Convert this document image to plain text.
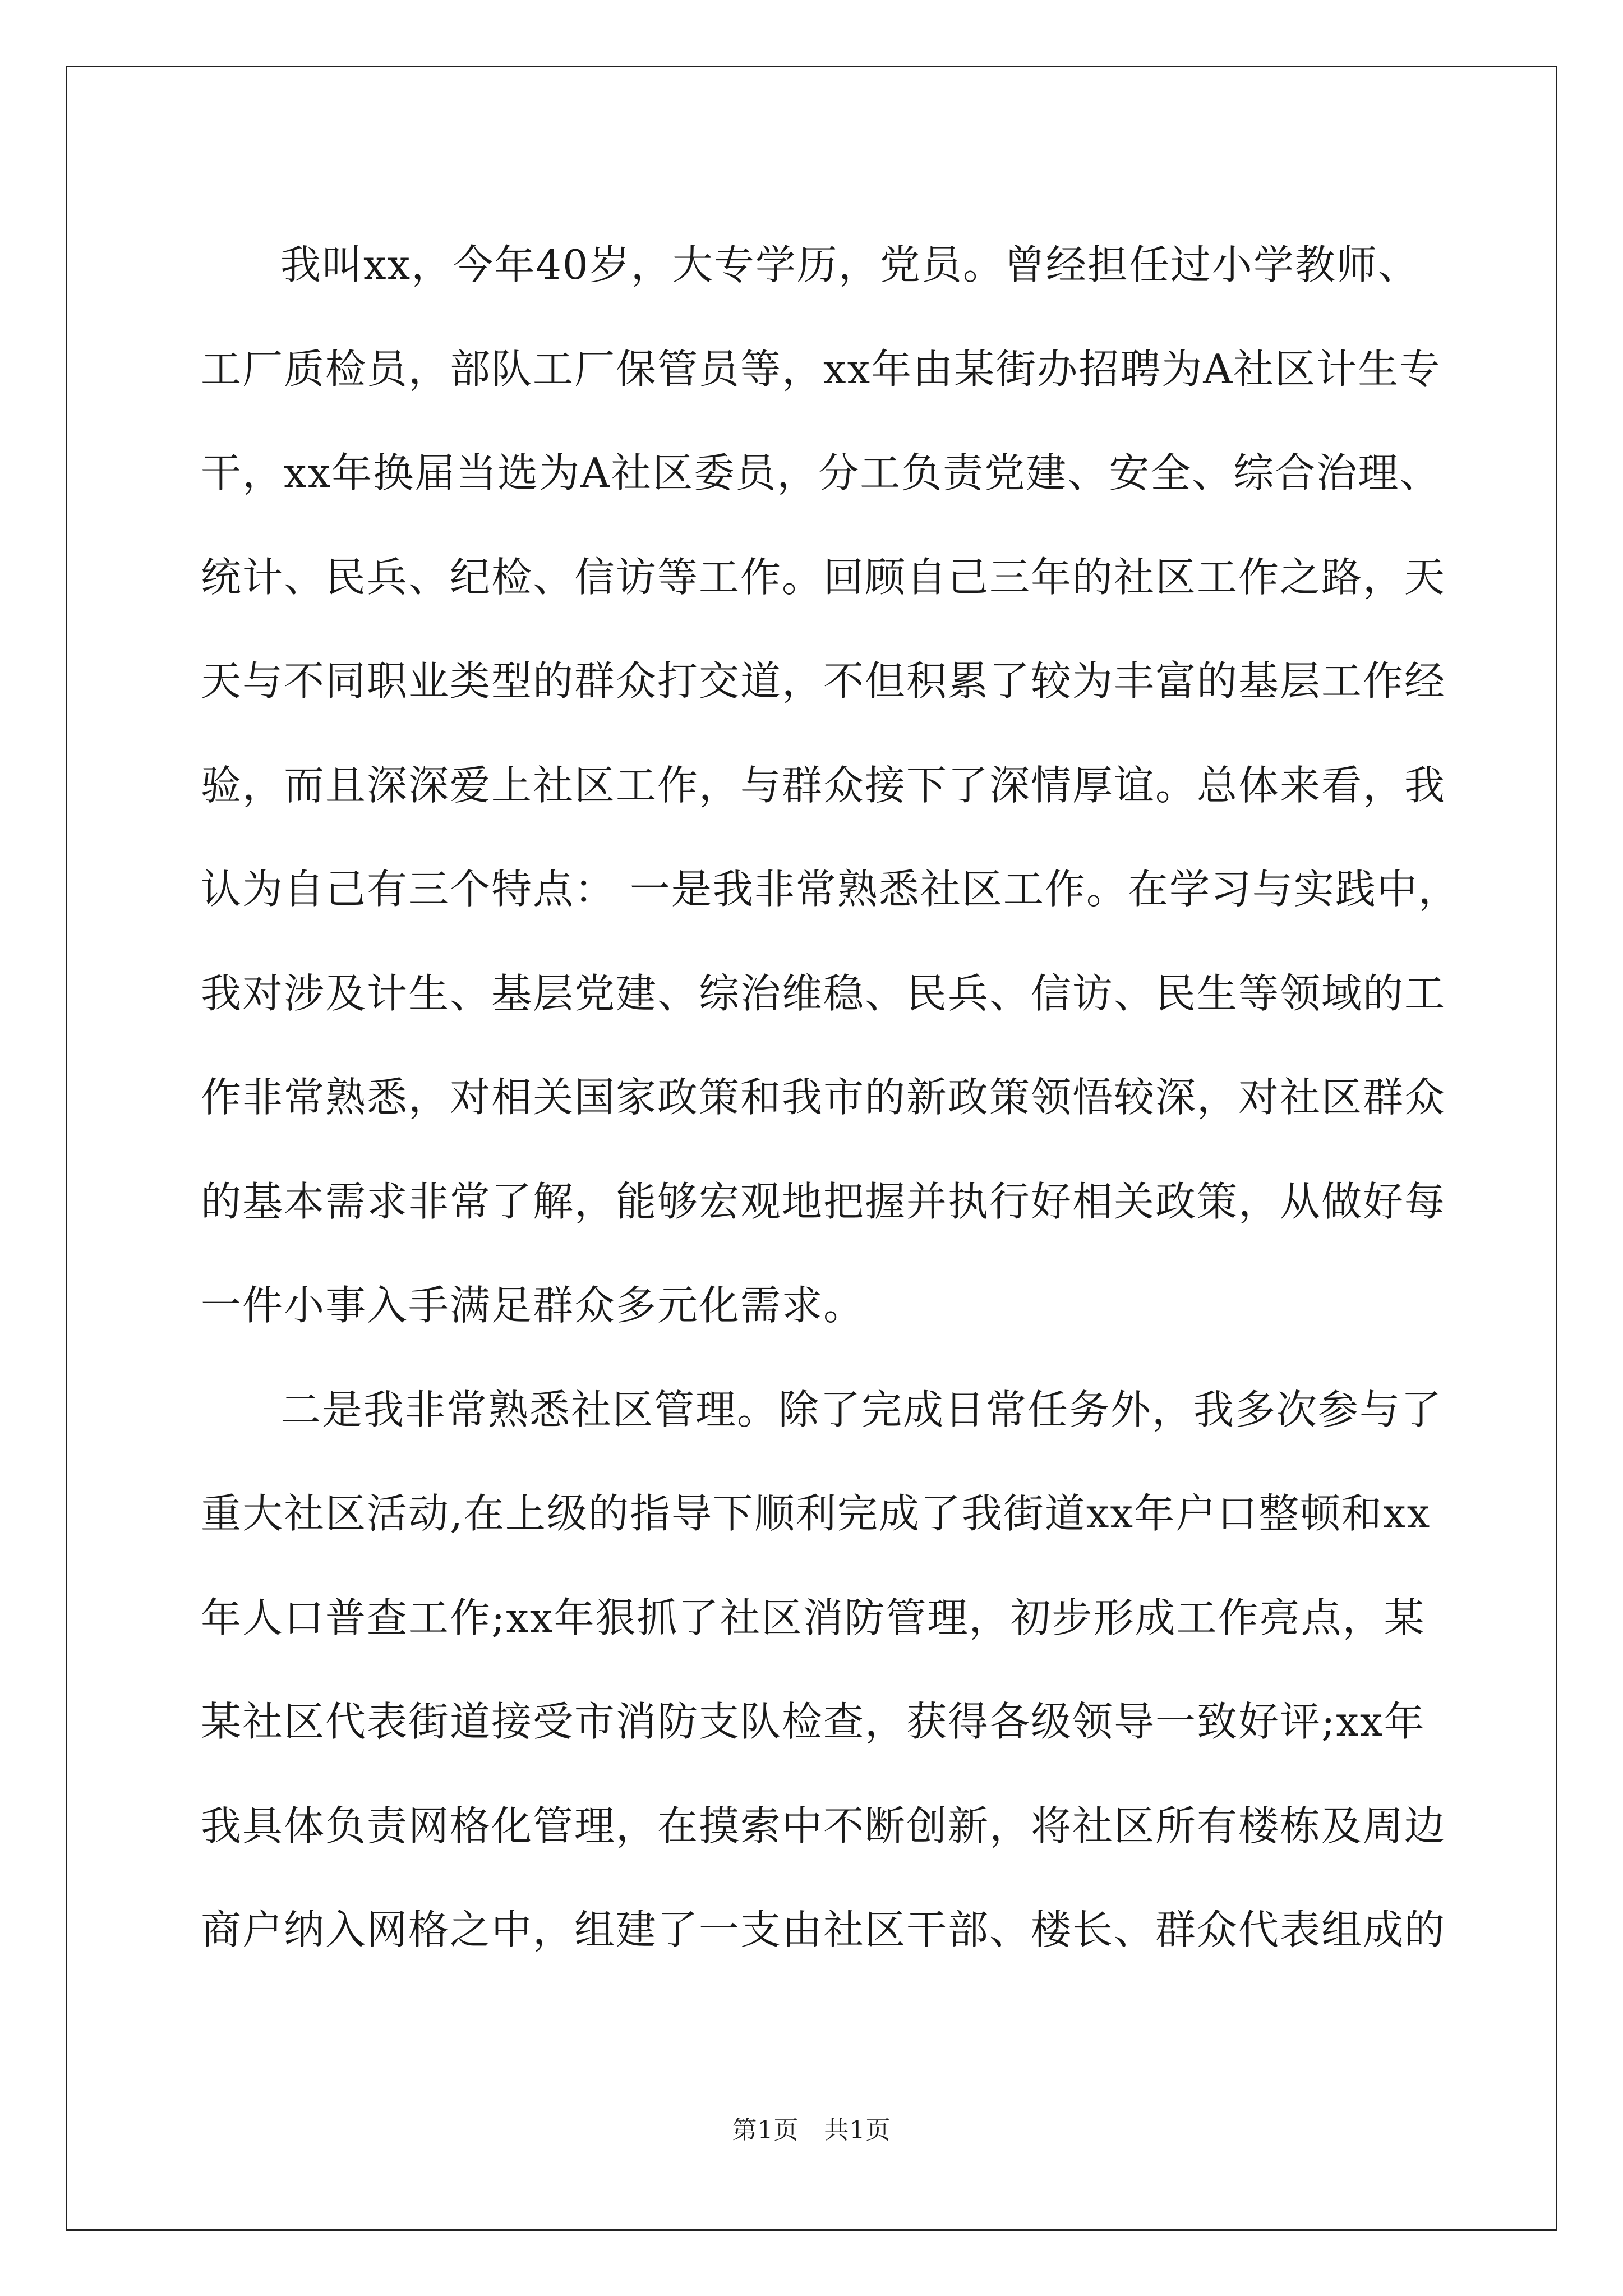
我叫xx，今年40岁，大专学历，党员。曾经担任过小学教师、
工厂质检员，部队工厂保管员等，xx年由某街办招聘为A社区计生专
干，xx年换届当选为A社区委员，分工负责党建、安全、综合治理、
统计、民兵、纪检、信访等工作。回顾自己三年的社区工作之路，天
天与不同职业类型的群众打交道，不但积累了较为丰富的基层工作经
验，而且深深爱上社区工作，与群众接下了深情厚谊。总体来看，我
认为自己有三个特点： 一是我非常熟悉社区工作。在学习与实践中，
我对涉及计生、基层党建、综治维稳、民兵、信访、民生等领域的工
作非常熟悉，对相关国家政策和我市的新政策领悟较深，对社区群众
的基本需求非常了解，能够宏观地把握并执行好相关政策，从做好每
一件小事入手满足群众多元化需求。
二是我非常熟悉社区管理。除了完成日常任务外，我多次参与了
重大社区活动,在上级的指导下顺利完成了我街道xx年户口整顿和xx
年人口普查工作;xx年狠抓了社区消防管理，初步形成工作亮点，某
某社区代表街道接受市消防支队检查，获得各级领导一致好评;xx年
我具体负责网格化管理，在摸索中不断创新，将社区所有楼栋及周边
商户纳入网格之中，组建了一支由社区干部、楼长、群众代表组成的
第1页　共1页
